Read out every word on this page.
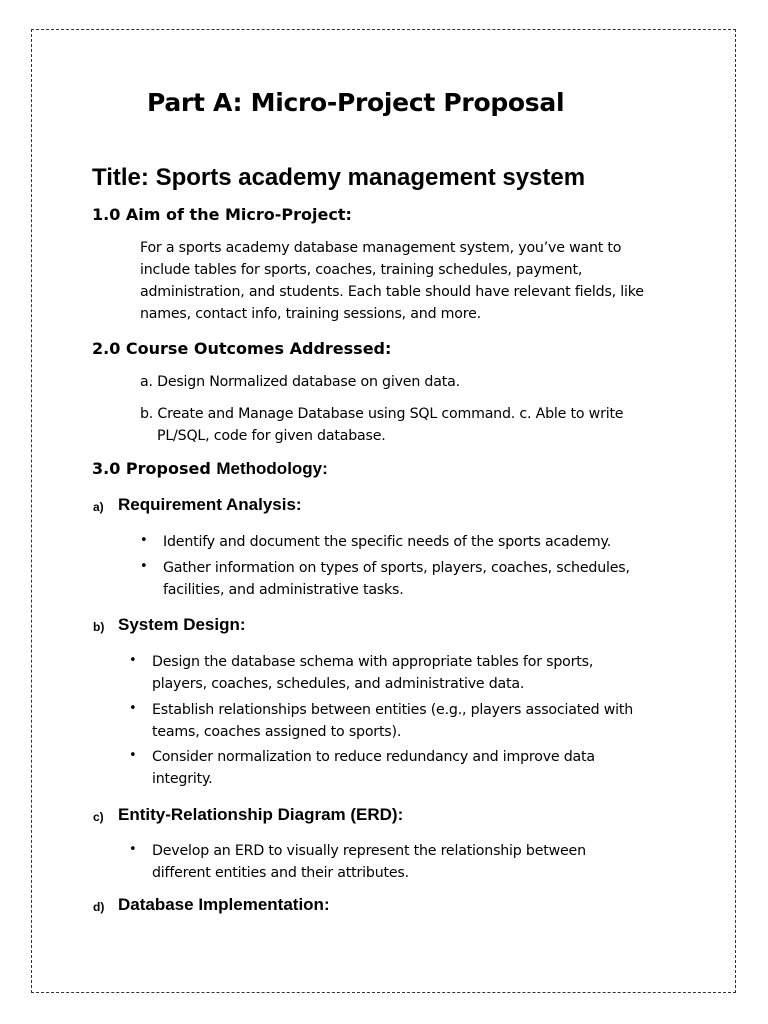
Part A: Micro-Project Proposal
Title: Sports academy management system
1.0 Aim of the Micro-Project:
For a sports academy database management system, you’ve want to
include tables for sports, coaches, training schedules, payment,
administration, and students. Each table should have relevant fields, like
names, contact info, training sessions, and more.
2.0 Course Outcomes Addressed:
a. Design Normalized database on given data.
b. Create and Manage Database using SQL command. c. Able to write
PL/SQL, code for given database.
3.0 Proposed Methodology:
a) Requirement Analysis:
• Identify and document the specific needs of the sports academy.
• Gather information on types of sports, players, coaches, schedules,
facilities, and administrative tasks.
b) System Design:
• Design the database schema with appropriate tables for sports,
players, coaches, schedules, and administrative data.
• Establish relationships between entities (e.g., players associated with
teams, coaches assigned to sports).
• Consider normalization to reduce redundancy and improve data
integrity.
c) Entity-Relationship Diagram (ERD):
• Develop an ERD to visually represent the relationship between
different entities and their attributes.
d) Database Implementation:
